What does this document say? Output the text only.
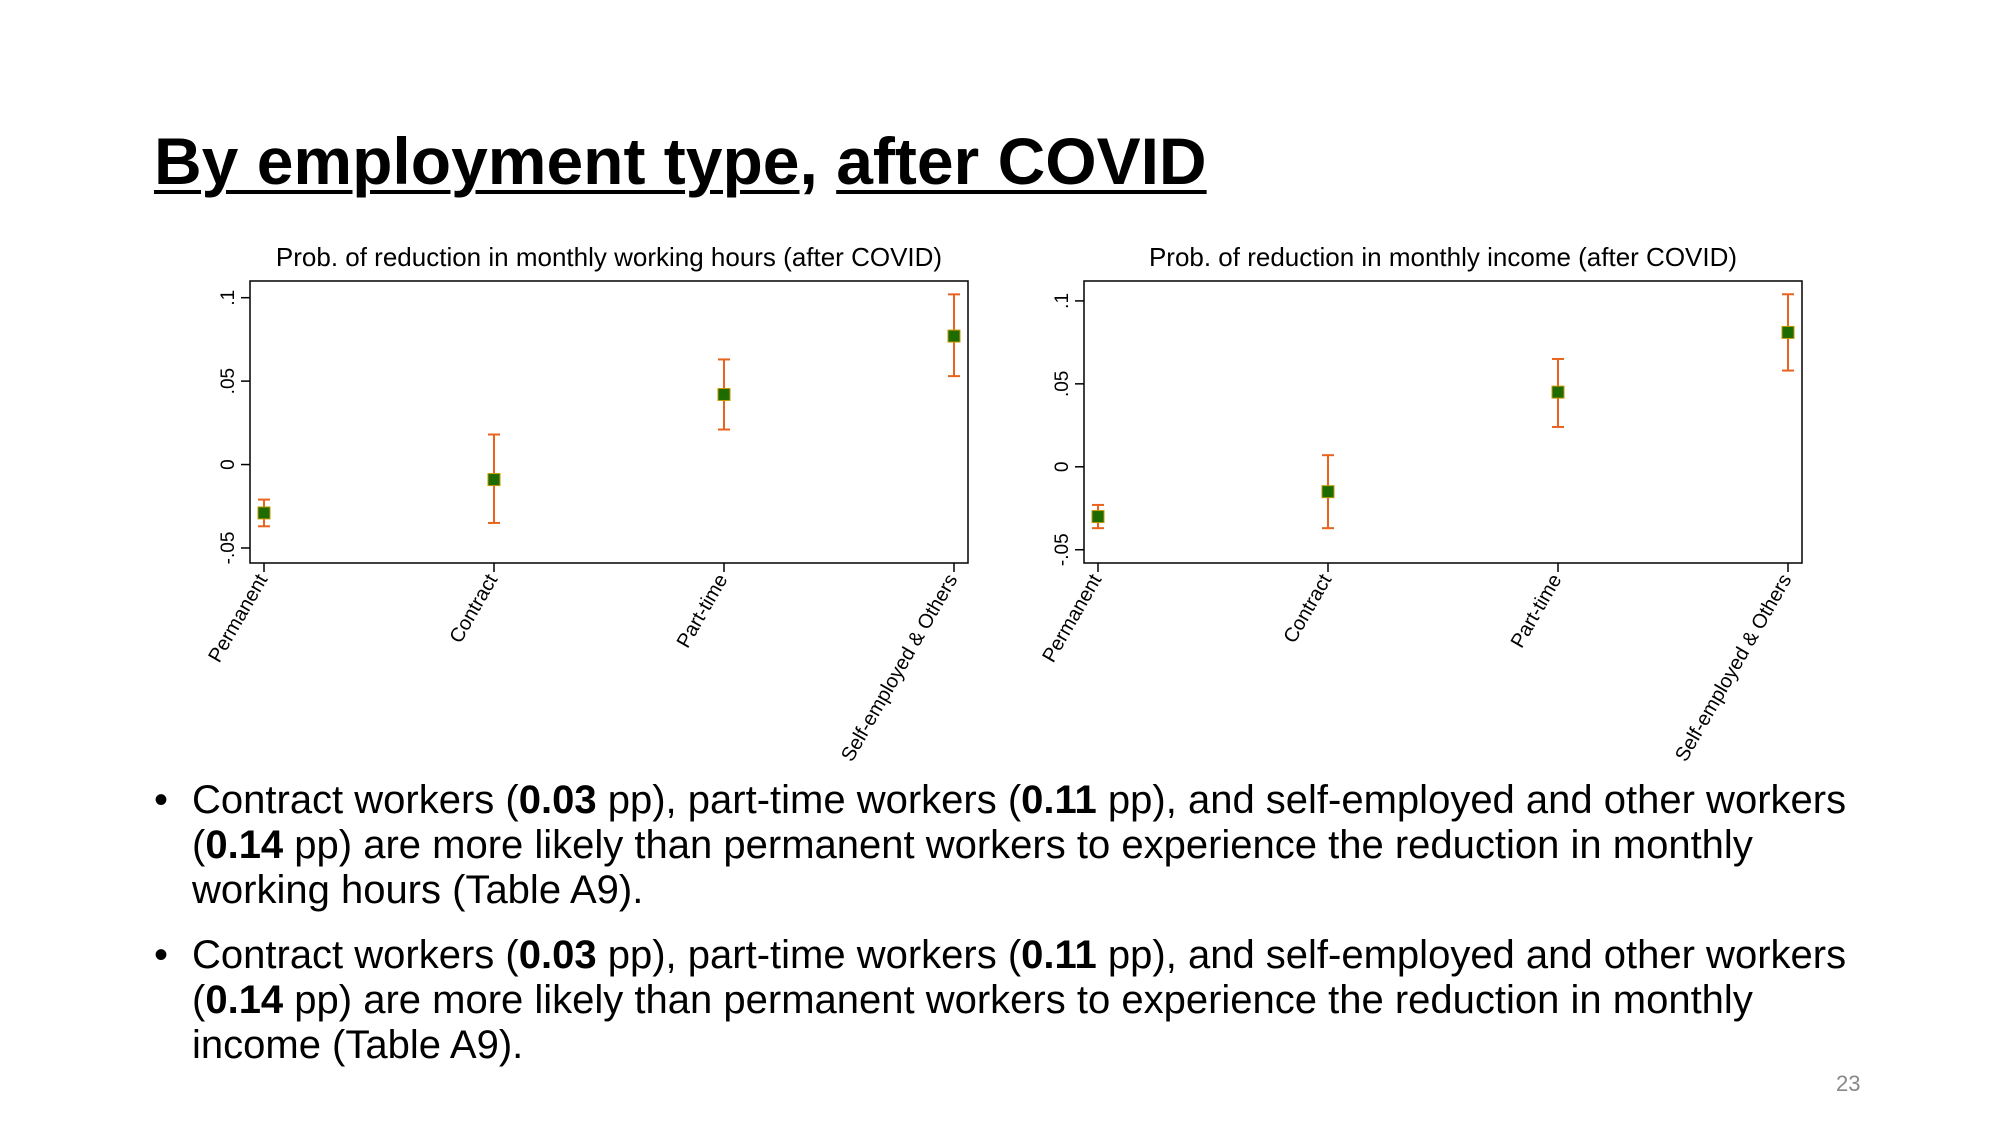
By employment type, after COVID
Prob. of reduction in monthly working hours (after COVID)
-.05
0
.05
.1
Permanent	Contract	Part-time	Self-employed & Others
Prob. of reduction in monthly income (after COVID)
-.05
0
.05
.1
Permanent	Contract	Part-time	Self-employed & Others
• Contract workers (0.03 pp), part-time workers (0.11 pp), and self-employed and other workers (0.14 pp) are more likely than permanent workers to experience the reduction in monthly working hours (Table A9).
• Contract workers (0.03 pp), part-time workers (0.11 pp), and self-employed and other workers (0.14 pp) are more likely than permanent workers to experience the reduction in monthly income (Table A9).
23
